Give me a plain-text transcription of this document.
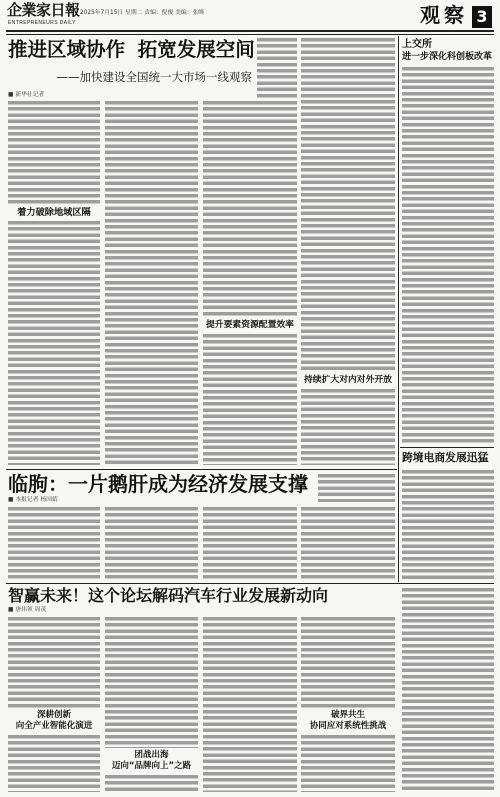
企業家日報
ENTREPRENEURS DAILY
2025年7月15日 星期二 责编：倪俊 美编：张峰	观察 3
推进区域协作 拓宽发展空间
——加快建设全国统一大市场一线观察
■ 新华社记者
着力破除地域区隔
提升要素资源配置效率
持续扩大对内对外开放
上交所
进一步深化科创板改革
跨境电商发展迅猛
临朐：一片鹅肝成为经济发展支撑
■ 本报记者 杨国婧
智赢未来！这个论坛解码汽车行业发展新动向
■ 唐伟领 周茂
深耕创新
向全产业智能化演进
团战出海
迈向“品牌向上”之路
破界共生
协同应对系统性挑战
